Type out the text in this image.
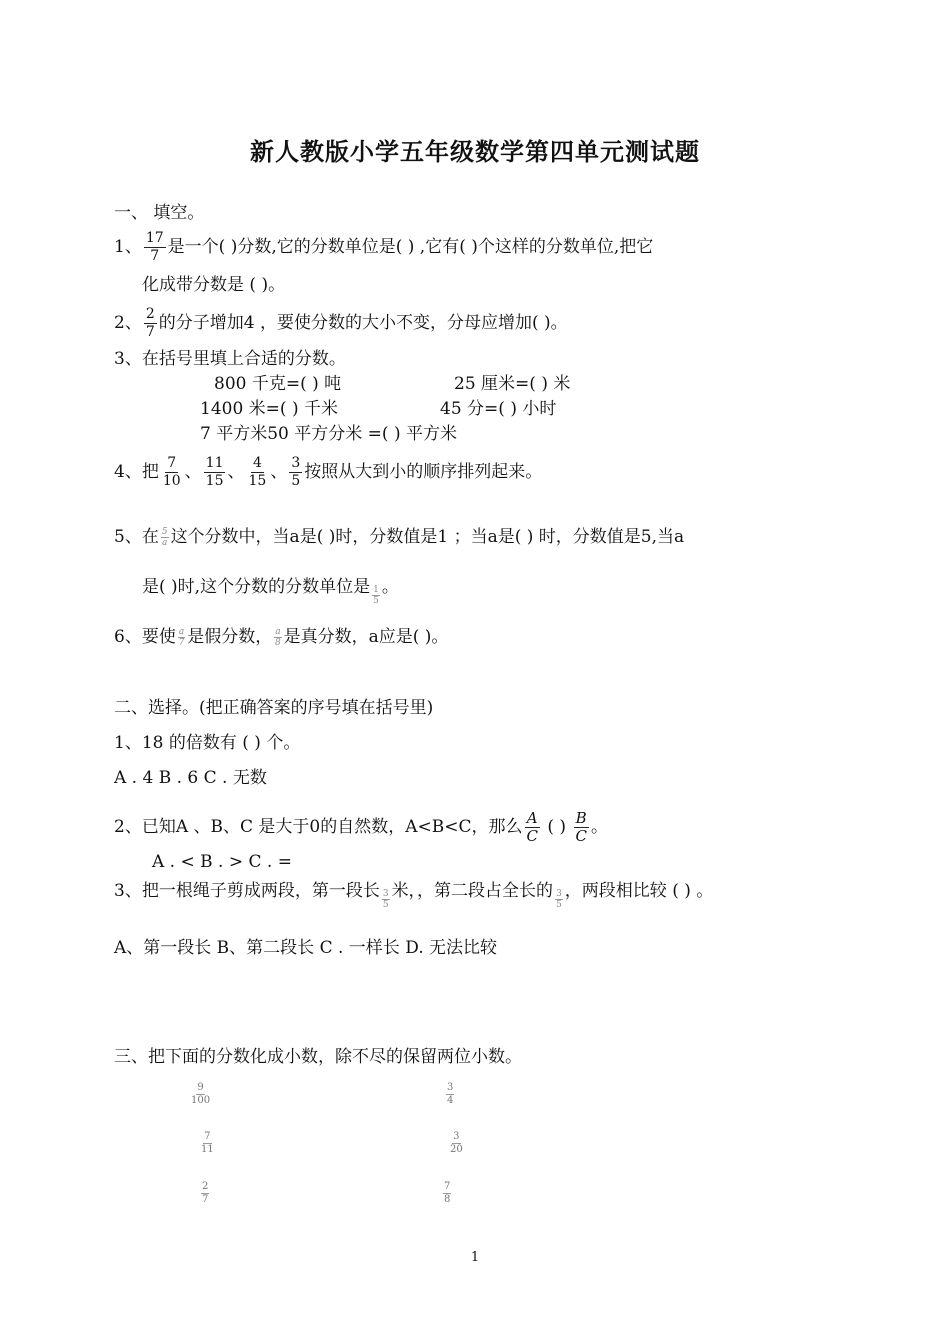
新人教版小学五年级数学第四单元测试题
一、 填空。
1、 $\frac{17}{7}$ 是一个( )分数,它的分数单位是( ) ,它有( )个这样的分数单位,把它
化成带分数是 ( )。
2、 $\frac{2}{7}$ 的分子增加4 ，要使分数的大小不变，分母应增加( )。
3、在括号里填上合适的分数。
800 千克=( ) 吨	25 厘米=( ) 米
1400 米=( ) 千米	45 分=( ) 小时
7 平方米50 平方分米 =( ) 平方米
4、把 $\frac{7}{10}$ 、 $\frac{11}{15}$ 、 $\frac{4}{15}$ 、 $\frac{3}{5}$ 按照从大到小的顺序排列起来。
5、在 $\frac{5}{a}$ 这个分数中，当a是( )时，分数值是1 ；当a是( ) 时，分数值是5,当a
是( )时,这个分数的分数单位是 $\frac{1}{5}$ 。
6、要使 $\frac{a}{7}$ 是假分数， $\frac{a}{8}$ 是真分数，a应是( )。
二、选择。(把正确答案的序号填在括号里)
1、18 的倍数有 ( ) 个。
A . 4 B . 6 C . 无数
2、已知A 、B、C 是大于0的自然数，A<B<C，那么 $\frac{A}{C}$ ( ) $\frac{B}{C}$ 。
A . < B . > C . =
3、把一根绳子剪成两段，第一段长 $\frac{3}{5}$ 米，，第二段占全长的 $\frac{3}{5}$ ，两段相比较 ( ) 。
A、第一段长 B、第二段长 C . 一样长 D. 无法比较
三、把下面的分数化成小数，除不尽的保留两位小数。
$\frac{9}{100}$	$\frac{3}{4}$
$\frac{7}{11}$	$\frac{3}{20}$
$\frac{2}{7}$	$\frac{7}{8}$
1
